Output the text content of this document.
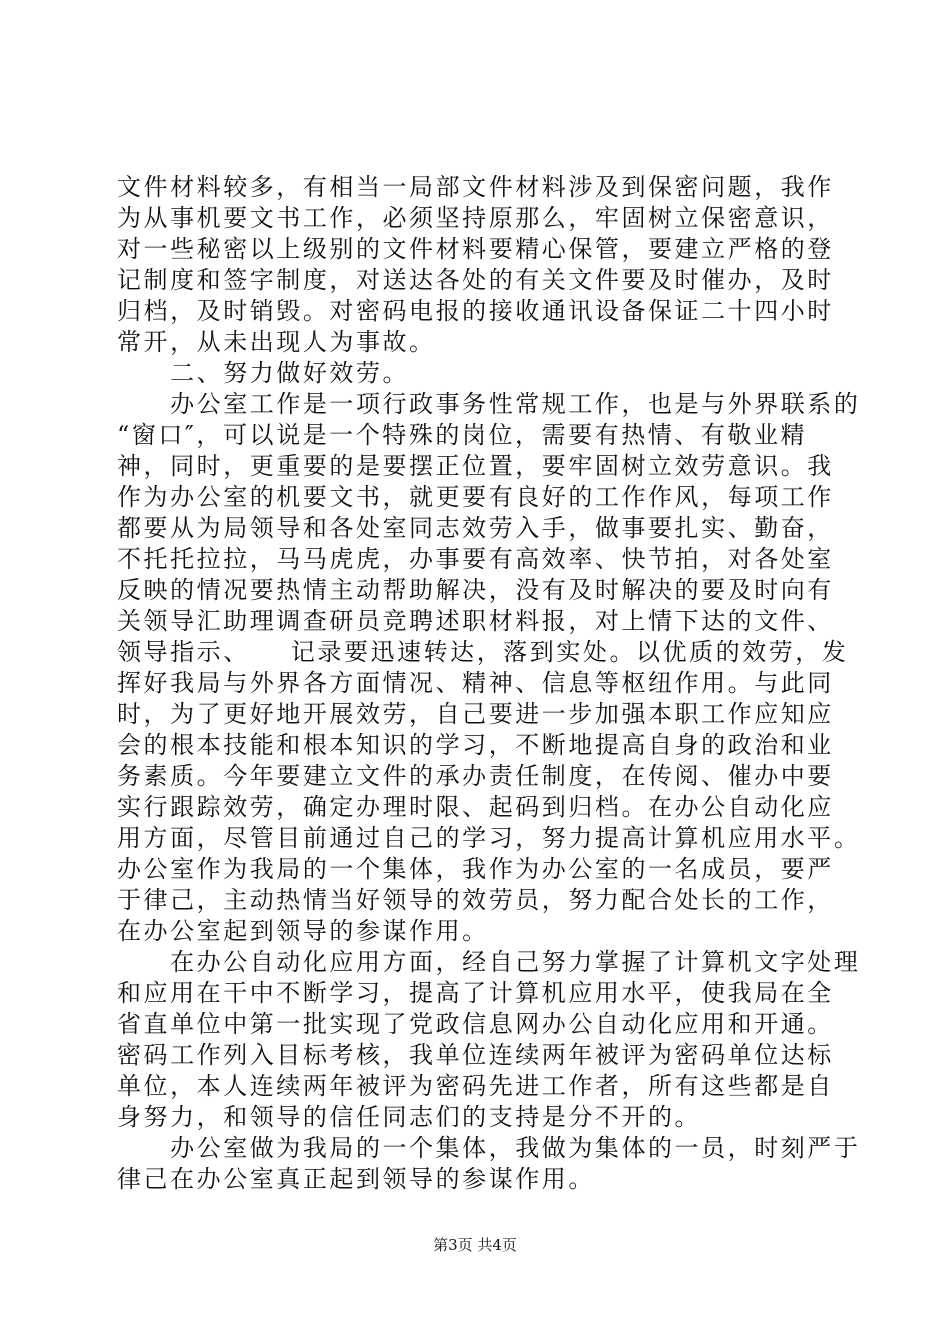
文件材料较多，有相当一局部文件材料涉及到保密问题，我作
为从事机要文书工作，必须坚持原那么，牢固树立保密意识，
对一些秘密以上级别的文件材料要精心保管，要建立严格的登
记制度和签字制度，对送达各处的有关文件要及时催办，及时
归档，及时销毁。对密码电报的接收通讯设备保证二十四小时
常开，从未出现人为事故。
　　二、努力做好效劳。
　　办公室工作是一项行政事务性常规工作，也是与外界联系的
“窗口″，可以说是一个特殊的岗位，需要有热情、有敬业精
神，同时，更重要的是要摆正位置，要牢固树立效劳意识。我
作为办公室的机要文书，就更要有良好的工作作风，每项工作
都要从为局领导和各处室同志效劳入手，做事要扎实、勤奋，
不托托拉拉，马马虎虎，办事要有高效率、快节拍，对各处室
反映的情况要热情主动帮助解决，没有及时解决的要及时向有
关领导汇助理调查研员竞聘述职材料报，对上情下达的文件、
领导指示、　　记录要迅速转达，落到实处。以优质的效劳，发
挥好我局与外界各方面情况、精神、信息等枢纽作用。与此同
时，为了更好地开展效劳，自己要进一步加强本职工作应知应
会的根本技能和根本知识的学习，不断地提高自身的政治和业
务素质。今年要建立文件的承办责任制度，在传阅、催办中要
实行跟踪效劳，确定办理时限、起码到归档。在办公自动化应
用方面，尽管目前通过自己的学习，努力提高计算机应用水平。
办公室作为我局的一个集体，我作为办公室的一名成员，要严
于律己，主动热情当好领导的效劳员，努力配合处长的工作，
在办公室起到领导的参谋作用。
　　在办公自动化应用方面，经自己努力掌握了计算机文字处理
和应用在干中不断学习，提高了计算机应用水平，使我局在全
省直单位中第一批实现了党政信息网办公自动化应用和开通。
密码工作列入目标考核，我单位连续两年被评为密码单位达标
单位，本人连续两年被评为密码先进工作者，所有这些都是自
身努力，和领导的信任同志们的支持是分不开的。
　　办公室做为我局的一个集体，我做为集体的一员，时刻严于
律己在办公室真正起到领导的参谋作用。
第3页 共4页
